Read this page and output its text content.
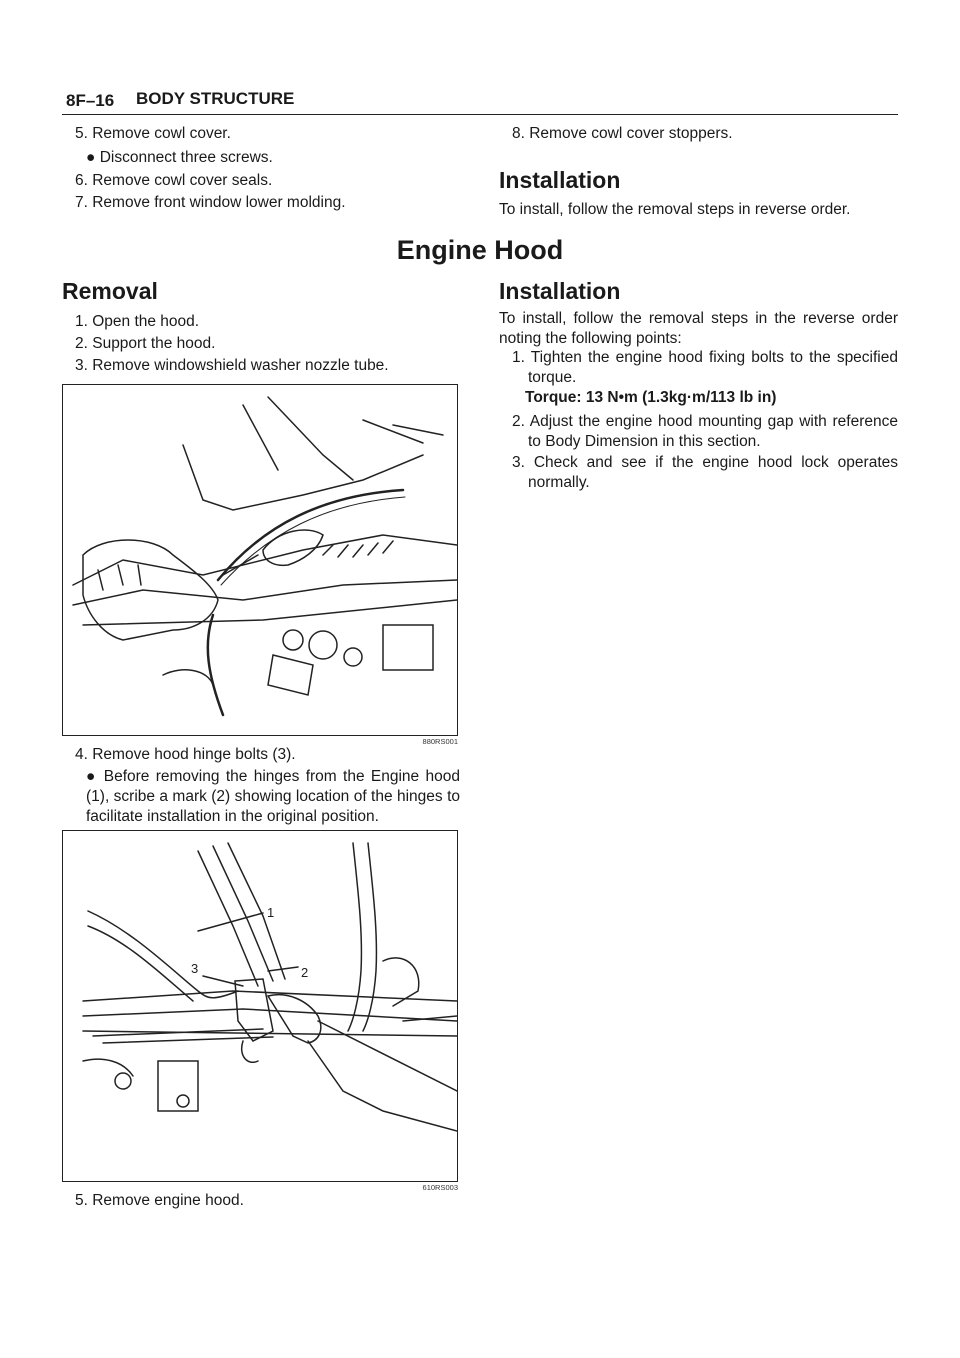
8F–16 BODY STRUCTURE
5. Remove cowl cover.
● Disconnect three screws.
6. Remove cowl cover seals.
7. Remove front window lower molding.
8. Remove cowl cover stoppers.
Installation
To install, follow the removal steps in reverse order.
Engine Hood
Removal
1. Open the hood.
2. Support the hood.
3. Remove windowshield washer nozzle tube.
880RS001
4. Remove hood hinge bolts (3).
● Before removing the hinges from the Engine hood (1), scribe a mark (2) showing location of the hinges to facilitate installation in the original position.
1
2
3
610RS003
5. Remove engine hood.
Installation
To install, follow the removal steps in the reverse order noting the following points:
1. Tighten the engine hood fixing bolts to the specified torque.
Torque: 13 N•m (1.3kg·m/113 lb in)
2. Adjust the engine hood mounting gap with reference to Body Dimension in this section.
3. Check and see if the engine hood lock operates normally.
